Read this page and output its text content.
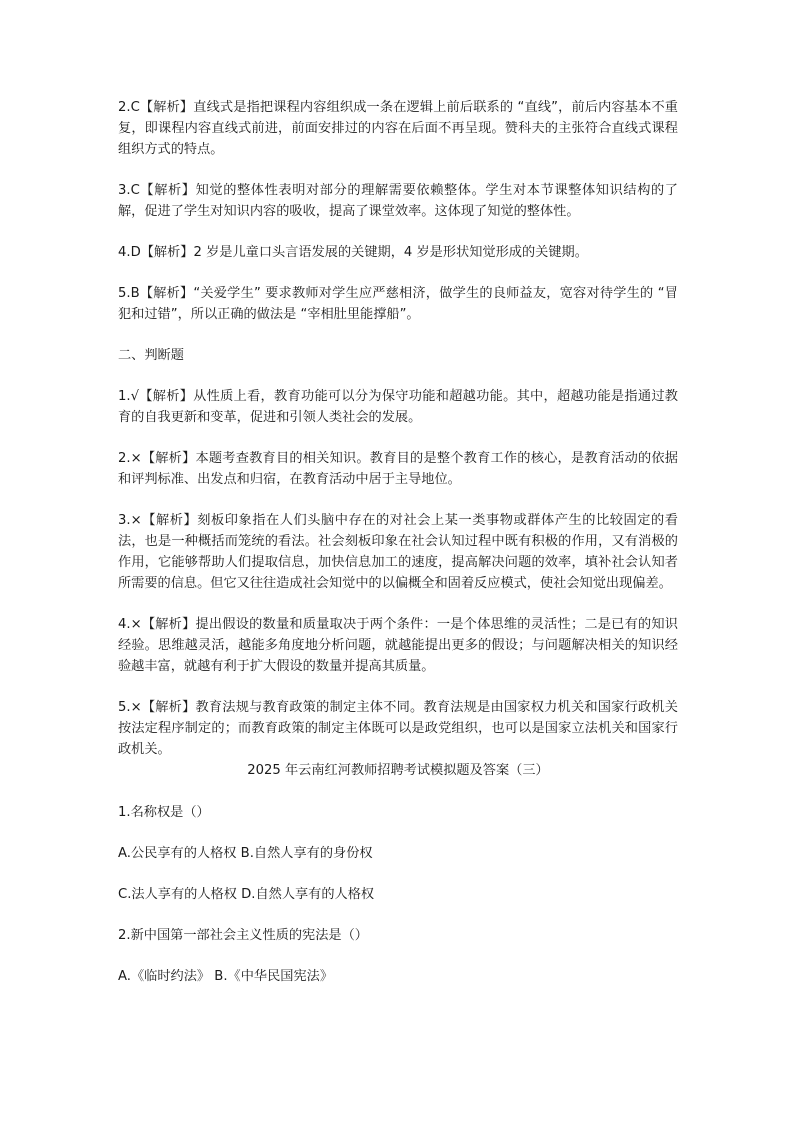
2.C【解析】直线式是指把课程内容组织成一条在逻辑上前后联系的 “直线”，前后内容基本不重复，即课程内容直线式前进，前面安排过的内容在后面不再呈现。赞科夫的主张符合直线式课程组织方式的特点。

3.C【解析】知觉的整体性表明对部分的理解需要依赖整体。学生对本节课整体知识结构的了解，促进了学生对知识内容的吸收，提高了课堂效率。这体现了知觉的整体性。

4.D【解析】2 岁是儿童口头言语发展的关键期，4 岁是形状知觉形成的关键期。

5.B【解析】“关爱学生” 要求教师对学生应严慈相济，做学生的良师益友，宽容对待学生的 “冒犯和过错”，所以正确的做法是 “宰相肚里能撑船”。

二、判断题

1.√【解析】从性质上看，教育功能可以分为保守功能和超越功能。其中，超越功能是指通过教育的自我更新和变革，促进和引领人类社会的发展。

2.×【解析】本题考查教育目的相关知识。教育目的是整个教育工作的核心，是教育活动的依据和评判标准、出发点和归宿，在教育活动中居于主导地位。

3.×【解析】刻板印象指在人们头脑中存在的对社会上某一类事物或群体产生的比较固定的看法，也是一种概括而笼统的看法。社会刻板印象在社会认知过程中既有积极的作用，又有消极的作用，它能够帮助人们提取信息，加快信息加工的速度，提高解决问题的效率，填补社会认知者所需要的信息。但它又往往造成社会知觉中的以偏概全和固着反应模式，使社会知觉出现偏差。

4.×【解析】提出假设的数量和质量取决于两个条件：一是个体思维的灵活性；二是已有的知识经验。思维越灵活，越能多角度地分析问题，就越能提出更多的假设；与问题解决相关的知识经验越丰富，就越有利于扩大假设的数量并提高其质量。

5.×【解析】教育法规与教育政策的制定主体不同。教育法规是由国家权力机关和国家行政机关按法定程序制定的；而教育政策的制定主体既可以是政党组织，也可以是国家立法机关和国家行政机关。

2025 年云南红河教师招聘考试模拟题及答案（三）

1.名称权是（）

A.公民享有的人格权 B.自然人享有的身份权

C.法人享有的人格权 D.自然人享有的人格权

2.新中国第一部社会主义性质的宪法是（）

A.《临时约法》 B.《中华民国宪法》
